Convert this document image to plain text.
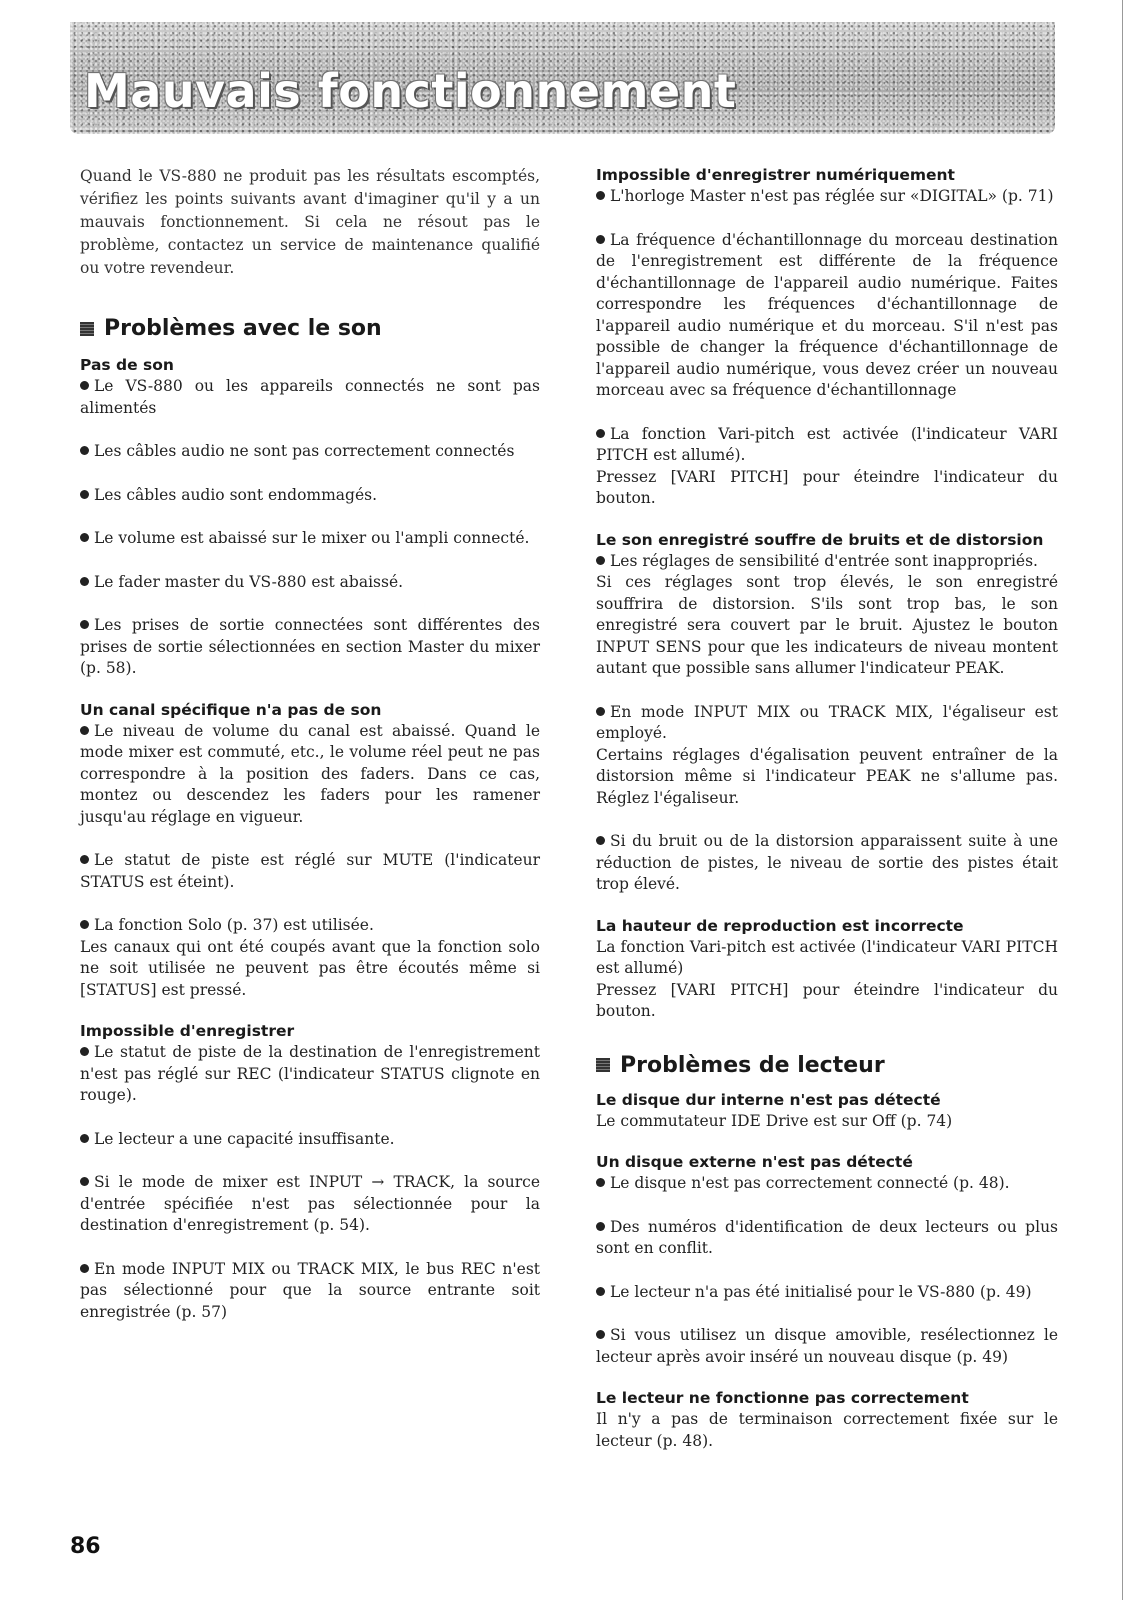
Mauvais fonctionnement

Quand le VS-880 ne produit pas les résultats escomptés, vérifiez les points suivants avant d'imaginer qu'il y a un mauvais fonctionnement. Si cela ne résout pas le problème, contactez un service de maintenance qualifié ou votre revendeur.

Problèmes avec le son
Pas de son

Le VS-880 ou les appareils connectés ne sont pas alimentés

Les câbles audio ne sont pas correctement connectés

Les câbles audio sont endommagés.

Le volume est abaissé sur le mixer ou l'ampli connecté.

Le fader master du VS-880 est abaissé.

Les prises de sortie connectées sont différentes des prises de sortie sélectionnées en section Master du mixer (p. 58).

Un canal spécifique n'a pas de son

Le niveau de volume du canal est abaissé. Quand le mode mixer est commuté, etc., le volume réel peut ne pas correspondre à la position des faders. Dans ce cas, montez ou descendez les faders pour les ramener jusqu'au réglage en vigueur.

Le statut de piste est réglé sur MUTE (l'indicateur STATUS est éteint).

La fonction Solo (p. 37) est utilisée.

Les canaux qui ont été coupés avant que la fonction solo ne soit utilisée ne peuvent pas être écoutés même si [STATUS] est pressé.

Impossible d'enregistrer

Le statut de piste de la destination de l'enregistrement n'est pas réglé sur REC (l'indicateur STATUS clignote en rouge).

Le lecteur a une capacité insuffisante.

Si le mode de mixer est INPUT → TRACK, la source d'entrée spécifiée n'est pas sélectionnée pour la destination d'enregistrement (p. 54).

En mode INPUT MIX ou TRACK MIX, le bus REC n'est pas sélectionné pour que la source entrante soit enregistrée (p. 57)

Impossible d'enregistrer numériquement

L'horloge Master n'est pas réglée sur «DIGITAL» (p. 71)

La fréquence d'échantillonnage du morceau destination de l'enregistrement est différente de la fréquence d'échantillonnage de l'appareil audio numérique. Faites correspondre les fréquences d'échantillonnage de l'appareil audio numérique et du morceau. S'il n'est pas possible de changer la fréquence d'échantillonnage de l'appareil audio numérique, vous devez créer un nouveau morceau avec sa fréquence d'échantillonnage

La fonction Vari-pitch est activée (l'indicateur VARI PITCH est allumé).

Pressez [VARI PITCH] pour éteindre l'indicateur du bouton.

Le son enregistré souffre de bruits et de distorsion

Les réglages de sensibilité d'entrée sont inappropriés.

Si ces réglages sont trop élevés, le son enregistré souffrira de distorsion. S'ils sont trop bas, le son enregistré sera couvert par le bruit. Ajustez le bouton INPUT SENS pour que les indicateurs de niveau montent autant que possible sans allumer l'indicateur PEAK.

En mode INPUT MIX ou TRACK MIX, l'égaliseur est employé.

Certains réglages d'égalisation peuvent entraîner de la distorsion même si l'indicateur PEAK ne s'allume pas. Réglez l'égaliseur.

Si du bruit ou de la distorsion apparaissent suite à une réduction de pistes, le niveau de sortie des pistes était trop élevé.

La hauteur de reproduction est incorrecte

La fonction Vari-pitch est activée (l'indicateur VARI PITCH est allumé)

Pressez [VARI PITCH] pour éteindre l'indicateur du bouton.

Problèmes de lecteur
Le disque dur interne n'est pas détecté

Le commutateur IDE Drive est sur Off (p. 74)

Un disque externe n'est pas détecté

Le disque n'est pas correctement connecté (p. 48).

Des numéros d'identification de deux lecteurs ou plus sont en conflit.

Le lecteur n'a pas été initialisé pour le VS-880 (p. 49)

Si vous utilisez un disque amovible, resélectionnez le lecteur après avoir inséré un nouveau disque (p. 49)

Le lecteur ne fonctionne pas correctement

Il n'y a pas de terminaison correctement fixée sur le lecteur (p. 48).

86
